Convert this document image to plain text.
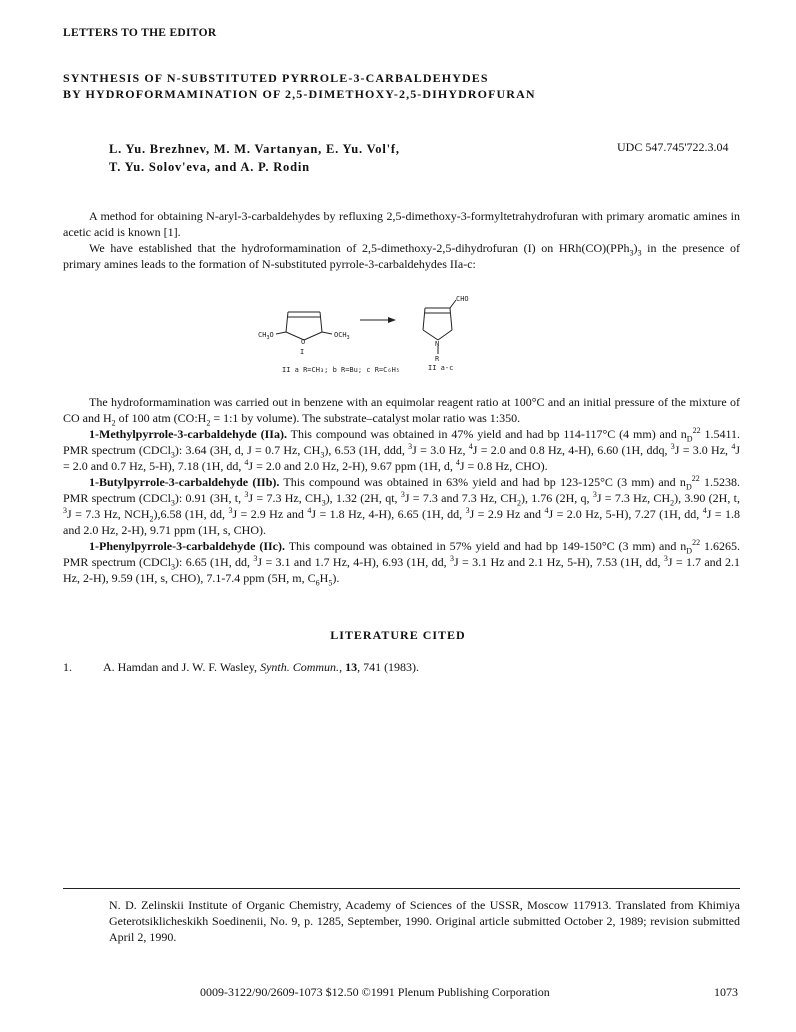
LETTERS TO THE EDITOR
SYNTHESIS OF N-SUBSTITUTED PYRROLE-3-CARBALDEHYDES
BY HYDROFORMAMINATION OF 2,5-DIMETHOXY-2,5-DIHYDROFURAN
L. Yu. Brezhnev, M. M. Vartanyan, E. Yu. Vol'f,
T. Yu. Solov'eva, and A. P. Rodin
UDC 547.745'722.3.04
A method for obtaining N-aryl-3-carbaldehydes by refluxing 2,5-dimethoxy-3-formyltetrahydrofuran with primary aromatic amines in acetic acid is known [1].
We have established that the hydroformamination of 2,5-dimethoxy-2,5-dihydrofuran (I) on $HRh(CO)(PPh_3)_3$ in the presence of primary amines leads to the formation of N-substituted pyrrole-3-carbaldehydes IIa-c:
$CH_3O$
O
$OCH_3$
I
CHO
N
R
II a-c
II a R=CH₃; b R=Bu; c R=C₆H₅
The hydroformamination was carried out in benzene with an equimolar reagent ratio at 100°C and an initial pressure of the mixture of CO and $H_2$ of 100 atm ($CO:H_2$ = 1:1 by volume). The substrate–catalyst molar ratio was 1:350.
1-Methylpyrrole-3-carbaldehyde (IIa). This compound was obtained in 47% yield and had bp 114-117°C (4 mm) and $n_D^{22}$ 1.5411. PMR spectrum (CDCl$_3$): 3.64 (3H, d, J = 0.7 Hz, $CH_3$), 6.53 (1H, ddd, $^3$J = 3.0 Hz, $^4$J = 2.0 and 0.8 Hz, 4-H), 6.60 (1H, ddq, $^3$J = 3.0 Hz, $^4$J = 2.0 and 0.7 Hz, 5-H), 7.18 (1H, dd, $^4$J = 2.0 and 2.0 Hz, 2-H), 9.67 ppm (1H, d, $^4$J = 0.8 Hz, CHO).
1-Butylpyrrole-3-carbaldehyde (IIb). This compound was obtained in 63% yield and had bp 123-125°C (3 mm) and $n_D^{22}$ 1.5238. PMR spectrum (CDCl$_3$): 0.91 (3H, t, $^3$J = 7.3 Hz, $CH_3$), 1.32 (2H, qt, $^3$J = 7.3 and 7.3 Hz, $CH_2$), 1.76 (2H, q, $^3$J = 7.3 Hz, $CH_2$), 3.90 (2H, t, $^3$J = 7.3 Hz, $NCH_2),6.58$ (1H, dd, $^3$J = 2.9 Hz and $^4$J = 1.8 Hz, 4-H), 6.65 (1H, dd, $^3$J = 2.9 Hz and $^4$J = 2.0 Hz, 5-H), 7.27 (1H, dd, $^4$J = 1.8 and 2.0 Hz, 2-H), 9.71 ppm (1H, s, CHO).
1-Phenylpyrrole-3-carbaldehyde (IIc). This compound was obtained in 57% yield and had bp 149-150°C (3 mm) and $n_D^{22}$ 1.6265. PMR spectrum (CDCl$_3$): 6.65 (1H, dd, $^3$J = 3.1 and 1.7 Hz, 4-H), 6.93 (1H, dd, $^3$J = 3.1 Hz and 2.1 Hz, 5-H), 7.53 (1H, dd, $^3$J = 1.7 and 2.1 Hz, 2-H), 9.59 (1H, s, CHO), 7.1-7.4 ppm (5H, m, $C_6H_5$).
LITERATURE CITED
1.	A. Hamdan and J. W. F. Wasley, Synth. Commun., 13, 741 (1983).
N. D. Zelinskii Institute of Organic Chemistry, Academy of Sciences of the USSR, Moscow 117913. Translated from Khimiya Geterotsiklicheskikh Soedinenii, No. 9, p. 1285, September, 1990. Original article submitted October 2, 1989; revision submitted April 2, 1990.
0009-3122/90/2609-1073 $12.50 ©1991 Plenum Publishing Corporation	1073
